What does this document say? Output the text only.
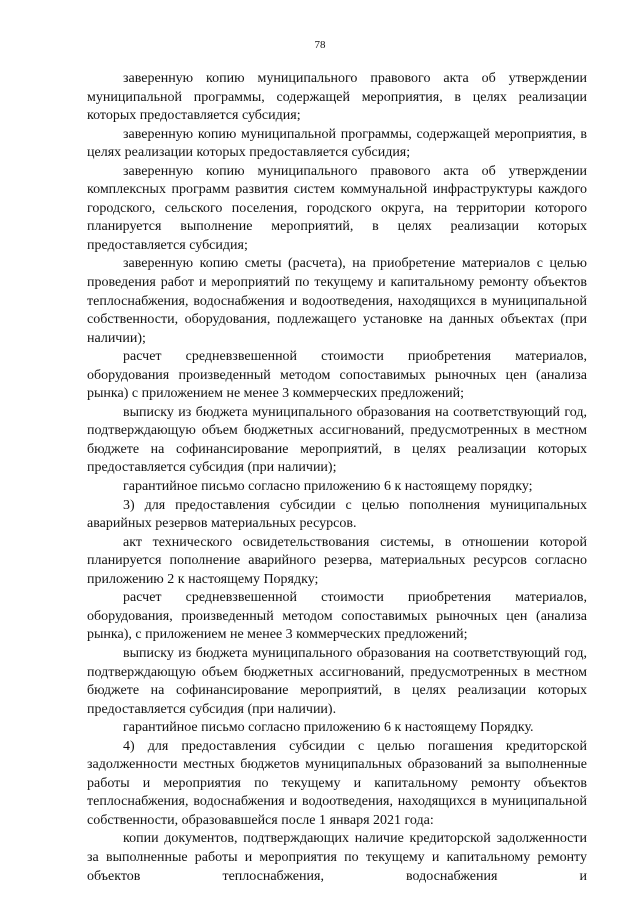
78

заверенную копию муниципального правового акта об утверждении муниципальной программы, содержащей мероприятия, в целях реализации которых предоставляется субсидия;

заверенную копию муниципальной программы, содержащей мероприятия, в целях реализации которых предоставляется субсидия;

заверенную копию муниципального правового акта об утверждении комплексных программ развития систем коммунальной инфраструктуры каждого городского, сельского поселения, городского округа, на территории которого планируется выполнение мероприятий, в целях реализации которых предоставляется субсидия;

заверенную копию сметы (расчета), на приобретение материалов с целью проведения работ и мероприятий по текущему и капитальному ремонту объектов теплоснабжения, водоснабжения и водоотведения, находящихся в муниципальной собственности, оборудования, подлежащего установке на данных объектах (при наличии);

расчет средневзвешенной стоимости приобретения материалов, оборудования произведенный методом сопоставимых рыночных цен (анализа рынка) с приложением не менее 3 коммерческих предложений;

выписку из бюджета муниципального образования на соответствующий год, подтверждающую объем бюджетных ассигнований, предусмотренных в местном бюджете на софинансирование мероприятий, в целях реализации которых предоставляется субсидия (при наличии);

гарантийное письмо согласно приложению 6 к настоящему порядку;

3) для предоставления субсидии с целью пополнения муниципальных аварийных резервов материальных ресурсов.

акт технического освидетельствования системы, в отношении которой планируется пополнение аварийного резерва, материальных ресурсов согласно приложению 2 к настоящему Порядку;

расчет средневзвешенной стоимости приобретения материалов, оборудования, произведенный методом сопоставимых рыночных цен (анализа рынка), с приложением не менее 3 коммерческих предложений;

выписку из бюджета муниципального образования на соответствующий год, подтверждающую объем бюджетных ассигнований, предусмотренных в местном бюджете на софинансирование мероприятий, в целях реализации которых предоставляется субсидия (при наличии).

гарантийное письмо согласно приложению 6 к настоящему Порядку.

4) для предоставления субсидии с целью погашения кредиторской задолженности местных бюджетов муниципальных образований за выполненные работы и мероприятия по текущему и капитальному ремонту объектов теплоснабжения, водоснабжения и водоотведения, находящихся в муниципальной собственности, образовавшейся после 1 января 2021 года:

копии документов, подтверждающих наличие кредиторской задолженности за выполненные работы и мероприятия по текущему и капитальному ремонту объектов теплоснабжения, водоснабжения и
